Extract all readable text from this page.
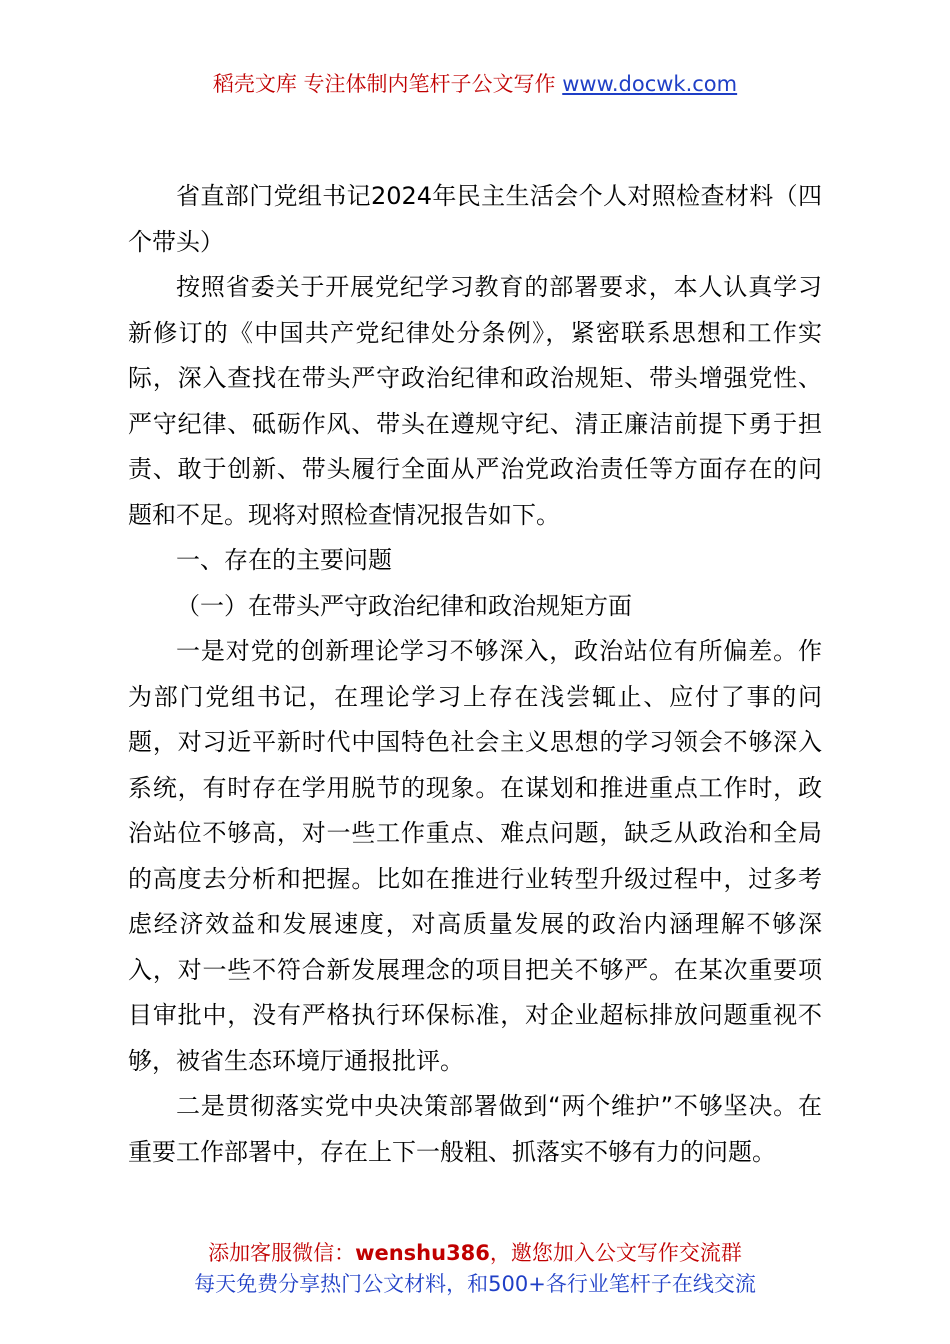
稻壳文库 专注体制内笔杆子公文写作 www.docwk.com

省直部门党组书记2024年民主生活会个人对照检查材料（四个带头）

按照省委关于开展党纪学习教育的部署要求，本人认真学习新修订的《中国共产党纪律处分条例》，紧密联系思想和工作实际，深入查找在带头严守政治纪律和政治规矩、带头增强党性、严守纪律、砥砺作风、带头在遵规守纪、清正廉洁前提下勇于担责、敢于创新、带头履行全面从严治党政治责任等方面存在的问题和不足。现将对照检查情况报告如下。

一、存在的主要问题

（一）在带头严守政治纪律和政治规矩方面

一是对党的创新理论学习不够深入，政治站位有所偏差。作为部门党组书记，在理论学习上存在浅尝辄止、应付了事的问题，对习近平新时代中国特色社会主义思想的学习领会不够深入系统，有时存在学用脱节的现象。在谋划和推进重点工作时，政治站位不够高，对一些工作重点、难点问题，缺乏从政治和全局的高度去分析和把握。比如在推进行业转型升级过程中，过多考虑经济效益和发展速度，对高质量发展的政治内涵理解不够深入，对一些不符合新发展理念的项目把关不够严。在某次重要项目审批中，没有严格执行环保标准，对企业超标排放问题重视不够，被省生态环境厅通报批评。

二是贯彻落实党中央决策部署做到“两个维护”不够坚决。在重要工作部署中，存在上下一般粗、抓落实不够有力的问题。

添加客服微信：wenshu386，邀您加入公文写作交流群
每天免费分享热门公文材料，和500+各行业笔杆子在线交流
